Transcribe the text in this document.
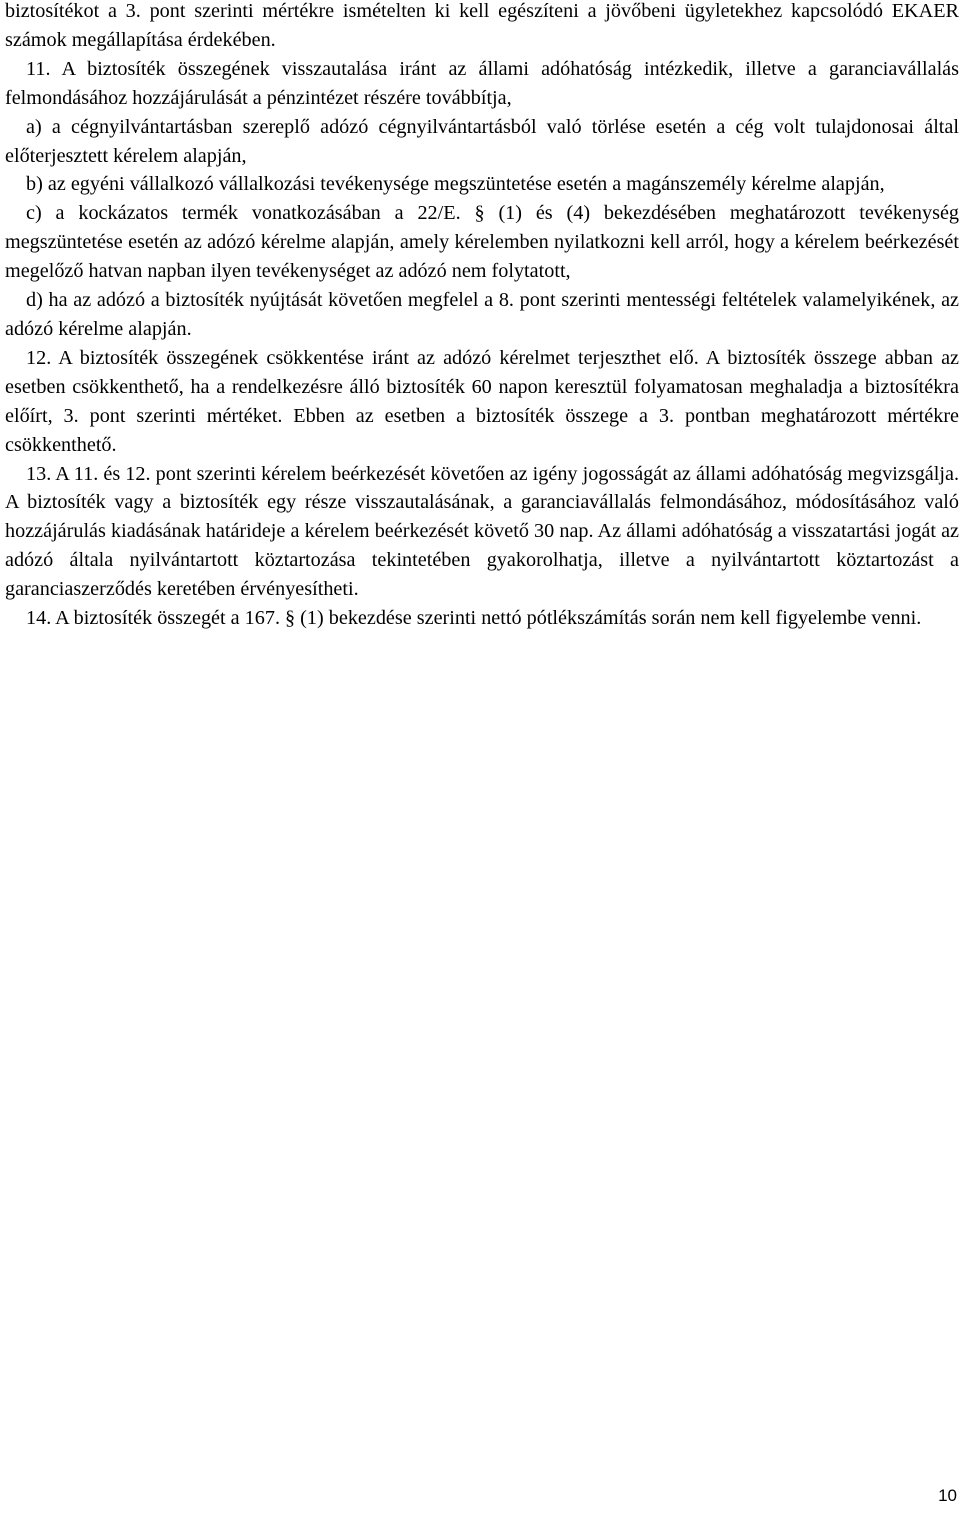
biztosítékot a 3. pont szerinti mértékre ismételten ki kell egészíteni a jövőbeni ügyletekhez kapcsolódó EKAER számok megállapítása érdekében.

11. A biztosíték összegének visszautalása iránt az állami adóhatóság intézkedik, illetve a garanciavállalás felmondásához hozzájárulását a pénzintézet részére továbbítja,

a) a cégnyilvántartásban szereplő adózó cégnyilvántartásból való törlése esetén a cég volt tulajdonosai által előterjesztett kérelem alapján,

b) az egyéni vállalkozó vállalkozási tevékenysége megszüntetése esetén a magánszemély kérelme alapján,

c) a kockázatos termék vonatkozásában a 22/E. § (1) és (4) bekezdésében meghatározott tevékenység megszüntetése esetén az adózó kérelme alapján, amely kérelemben nyilatkozni kell arról, hogy a kérelem beérkezését megelőző hatvan napban ilyen tevékenységet az adózó nem folytatott,

d) ha az adózó a biztosíték nyújtását követően megfelel a 8. pont szerinti mentességi feltételek valamelyikének, az adózó kérelme alapján.

12. A biztosíték összegének csökkentése iránt az adózó kérelmet terjeszthet elő. A biztosíték összege abban az esetben csökkenthető, ha a rendelkezésre álló biztosíték 60 napon keresztül folyamatosan meghaladja a biztosítékra előírt, 3. pont szerinti mértéket. Ebben az esetben a biztosíték összege a 3. pontban meghatározott mértékre csökkenthető.

13. A 11. és 12. pont szerinti kérelem beérkezését követően az igény jogosságát az állami adóhatóság megvizsgálja. A biztosíték vagy a biztosíték egy része visszautalásának, a garanciavállalás felmondásához, módosításához való hozzájárulás kiadásának határideje a kérelem beérkezését követő 30 nap. Az állami adóhatóság a visszatartási jogát az adózó általa nyilvántartott köztartozása tekintetében gyakorolhatja, illetve a nyilvántartott köztartozást a garanciaszerződés keretében érvényesítheti.

14. A biztosíték összegét a 167. § (1) bekezdése szerinti nettó pótlékszámítás során nem kell figyelembe venni.

10
